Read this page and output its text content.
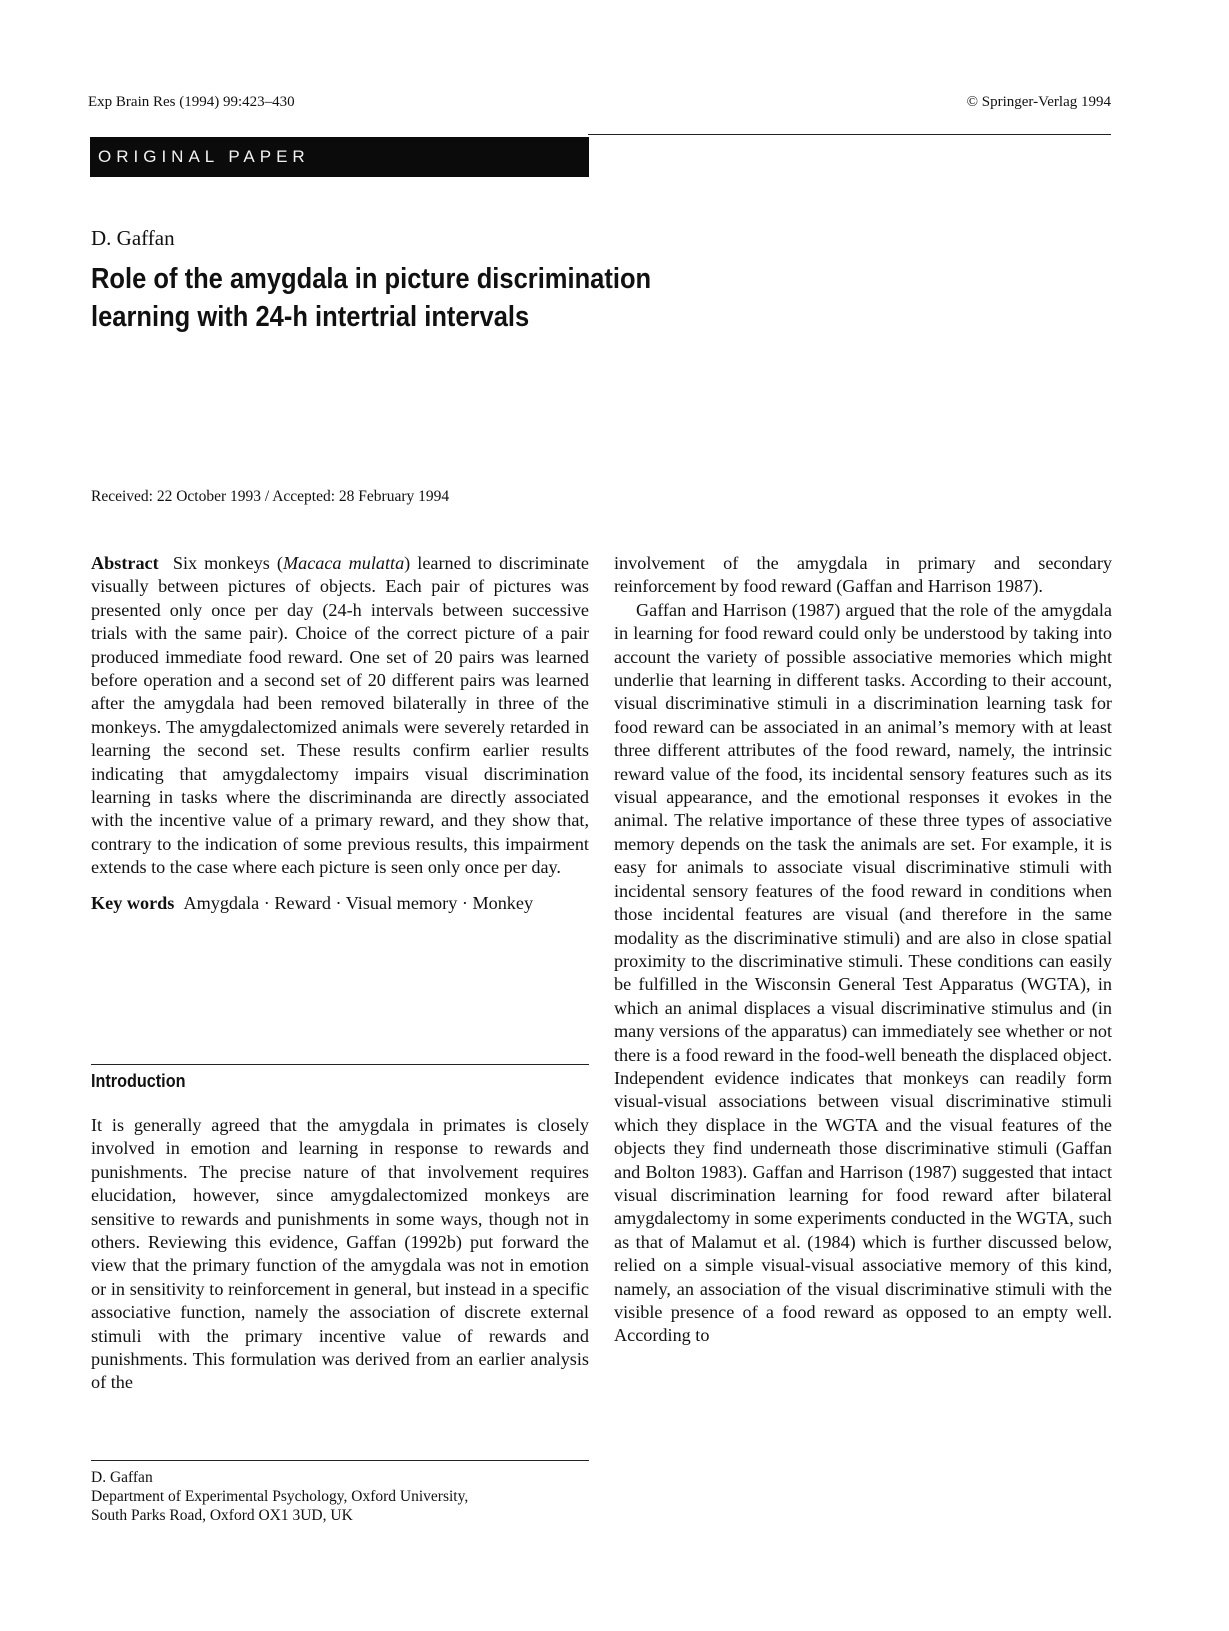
Exp Brain Res (1994) 99:423–430	© Springer-Verlag 1994
ORIGINAL PAPER
D. Gaffan
Role of the amygdala in picture discrimination
learning with 24-h intertrial intervals
Received: 22 October 1993 / Accepted: 28 February 1994

Abstract Six monkeys (Macaca mulatta) learned to discriminate visually between pictures of objects. Each pair of pictures was presented only once per day (24-h intervals between successive trials with the same pair). Choice of the correct picture of a pair produced immediate food reward. One set of 20 pairs was learned before operation and a second set of 20 different pairs was learned after the amygdala had been removed bilaterally in three of the monkeys. The amygdalectomized animals were severely retarded in learning the second set. These results confirm earlier results indicating that amygdalectomy impairs visual discrimination learning in tasks where the discriminanda are directly associated with the incentive value of a primary reward, and they show that, contrary to the indication of some previous results, this impairment extends to the case where each picture is seen only once per day.

Key words Amygdala · Reward · Visual memory · Monkey

Introduction

It is generally agreed that the amygdala in primates is closely involved in emotion and learning in response to rewards and punishments. The precise nature of that involvement requires elucidation, however, since amygdalectomized monkeys are sensitive to rewards and punishments in some ways, though not in others. Reviewing this evidence, Gaffan (1992b) put forward the view that the primary function of the amygdala was not in emotion or in sensitivity to reinforcement in general, but instead in a specific associative function, namely the association of discrete external stimuli with the primary incentive value of rewards and punishments. This formulation was derived from an earlier analysis of the

D. Gaffan
Department of Experimental Psychology, Oxford University,
South Parks Road, Oxford OX1 3UD, UK

involvement of the amygdala in primary and secondary reinforcement by food reward (Gaffan and Harrison 1987).

Gaffan and Harrison (1987) argued that the role of the amygdala in learning for food reward could only be understood by taking into account the variety of possible associative memories which might underlie that learning in different tasks. According to their account, visual discriminative stimuli in a discrimination learning task for food reward can be associated in an animal’s memory with at least three different attributes of the food reward, namely, the intrinsic reward value of the food, its incidental sensory features such as its visual appearance, and the emotional responses it evokes in the animal. The relative importance of these three types of associative memory depends on the task the animals are set. For example, it is easy for animals to associate visual discriminative stimuli with incidental sensory features of the food reward in conditions when those incidental features are visual (and therefore in the same modality as the discriminative stimuli) and are also in close spatial proximity to the discriminative stimuli. These conditions can easily be fulfilled in the Wisconsin General Test Apparatus (WGTA), in which an animal displaces a visual discriminative stimulus and (in many versions of the apparatus) can immediately see whether or not there is a food reward in the food-well beneath the displaced object. Independent evidence indicates that monkeys can readily form visual-visual associations between visual discriminative stimuli which they displace in the WGTA and the visual features of the objects they find underneath those discriminative stimuli (Gaffan and Bolton 1983). Gaffan and Harrison (1987) suggested that intact visual discrimination learning for food reward after bilateral amygdalectomy in some experiments conducted in the WGTA, such as that of Malamut et al. (1984) which is further discussed below, relied on a simple visual-visual associative memory of this kind, namely, an association of the visual discriminative stimuli with the visible presence of a food reward as opposed to an empty well. According to
